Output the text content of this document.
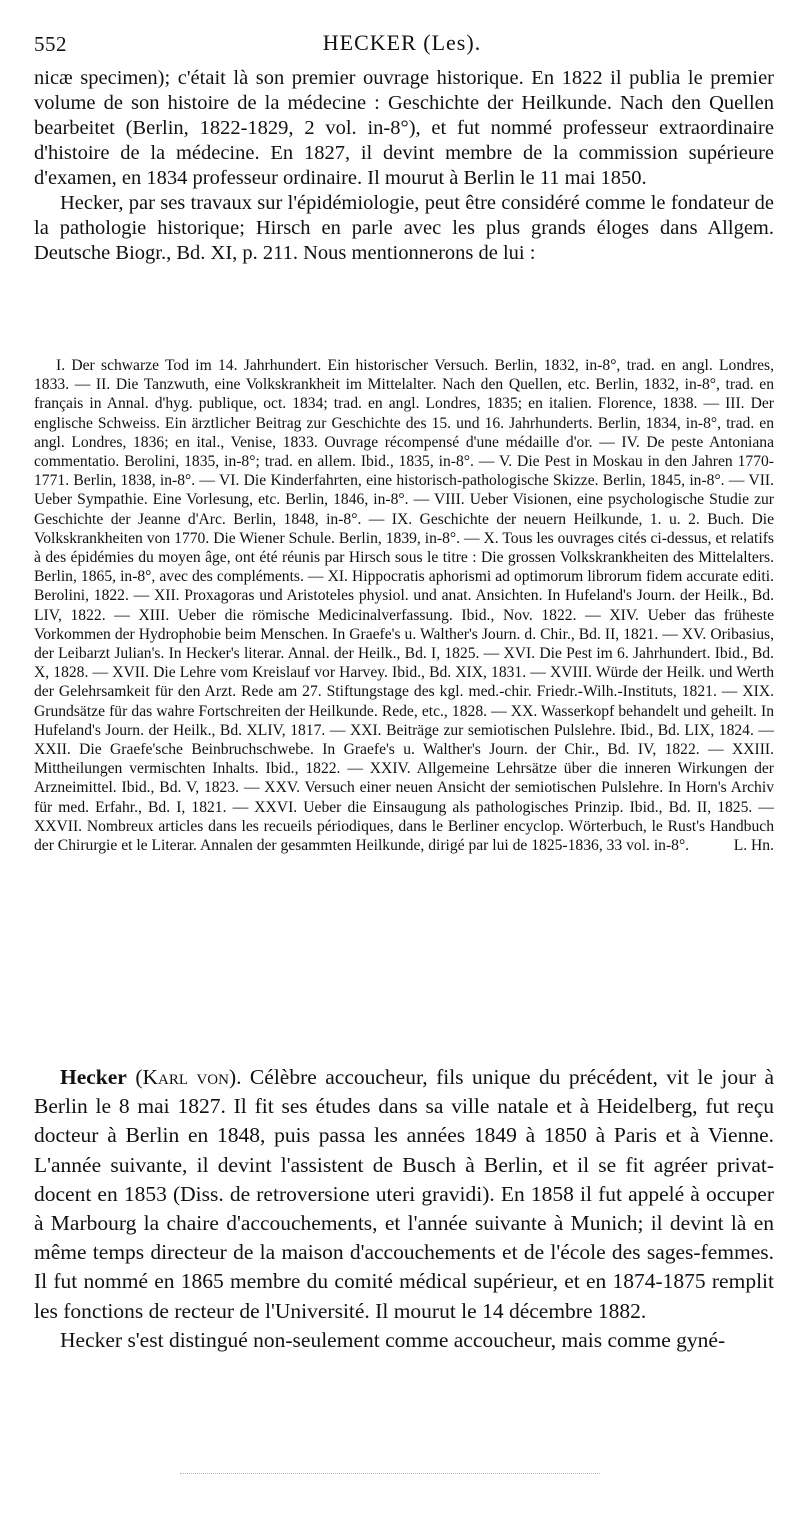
552	HECKER (Les).

nicæ specimen); c'était là son premier ouvrage historique. En 1822 il publia le premier volume de son histoire de la médecine : Geschichte der Heilkunde. Nach den Quellen bearbeitet (Berlin, 1822-1829, 2 vol. in-8°), et fut nommé professeur extraordinaire d'histoire de la médecine. En 1827, il devint membre de la commission supérieure d'examen, en 1834 professeur ordinaire. Il mourut à Berlin le 11 mai 1850.

Hecker, par ses travaux sur l'épidémiologie, peut être considéré comme le fondateur de la pathologie historique; Hirsch en parle avec les plus grands éloges dans Allgem. Deutsche Biogr., Bd. XI, p. 211. Nous mentionnerons de lui :

I. Der schwarze Tod im 14. Jahrhundert. Ein historischer Versuch. Berlin, 1832, in-8°, trad. en angl. Londres, 1833. — II. Die Tanzwuth, eine Volkskrankheit im Mittelalter. Nach den Quellen, etc. Berlin, 1832, in-8°, trad. en français in Annal. d'hyg. publique, oct. 1834; trad. en angl. Londres, 1835; en italien. Florence, 1838. — III. Der englische Schweiss. Ein ärztlicher Beitrag zur Geschichte des 15. und 16. Jahrhunderts. Berlin, 1834, in-8°, trad. en angl. Londres, 1836; en ital., Venise, 1833. Ouvrage récompensé d'une médaille d'or. — IV. De peste Antoniana commentatio. Berolini, 1835, in-8°; trad. en allem. Ibid., 1835, in-8°. — V. Die Pest in Moskau in den Jahren 1770-1771. Berlin, 1838, in-8°. — VI. Die Kinderfahrten, eine historisch-pathologische Skizze. Berlin, 1845, in-8°. — VII. Ueber Sympathie. Eine Vorlesung, etc. Berlin, 1846, in-8°. — VIII. Ueber Visionen, eine psychologische Studie zur Geschichte der Jeanne d'Arc. Berlin, 1848, in-8°. — IX. Geschichte der neuern Heilkunde, 1. u. 2. Buch. Die Volkskrankheiten von 1770. Die Wiener Schule. Berlin, 1839, in-8°. — X. Tous les ouvrages cités ci-dessus, et relatifs à des épidémies du moyen âge, ont été réunis par Hirsch sous le titre : Die grossen Volkskrankheiten des Mittelalters. Berlin, 1865, in-8°, avec des compléments. — XI. Hippocratis aphorismi ad optimorum librorum fidem accurate editi. Berolini, 1822. — XII. Proxagoras und Aristoteles physiol. und anat. Ansichten. In Hufeland's Journ. der Heilk., Bd. LIV, 1822. — XIII. Ueber die römische Medicinalverfassung. Ibid., Nov. 1822. — XIV. Ueber das früheste Vorkommen der Hydrophobie beim Menschen. In Graefe's u. Walther's Journ. d. Chir., Bd. II, 1821. — XV. Oribasius, der Leibarzt Julian's. In Hecker's literar. Annal. der Heilk., Bd. I, 1825. — XVI. Die Pest im 6. Jahrhundert. Ibid., Bd. X, 1828. — XVII. Die Lehre vom Kreislauf vor Harvey. Ibid., Bd. XIX, 1831. — XVIII. Würde der Heilk. und Werth der Gelehrsamkeit für den Arzt. Rede am 27. Stiftungstage des kgl. med.-chir. Friedr.-Wilh.-Instituts, 1821. — XIX. Grundsätze für das wahre Fortschreiten der Heilkunde. Rede, etc., 1828. — XX. Wasserkopf behandelt und geheilt. In Hufeland's Journ. der Heilk., Bd. XLIV, 1817. — XXI. Beiträge zur semiotischen Pulslehre. Ibid., Bd. LIX, 1824. — XXII. Die Graefe'sche Beinbruchschwebe. In Graefe's u. Walther's Journ. der Chir., Bd. IV, 1822. — XXIII. Mittheilungen vermischten Inhalts. Ibid., 1822. — XXIV. Allgemeine Lehrsätze über die inneren Wirkungen der Arzneimittel. Ibid., Bd. V, 1823. — XXV. Versuch einer neuen Ansicht der semiotischen Pulslehre. In Horn's Archiv für med. Erfahr., Bd. I, 1821. — XXVI. Ueber die Einsaugung als pathologisches Prinzip. Ibid., Bd. II, 1825. — XXVII. Nombreux articles dans les recueils périodiques, dans le Berliner encyclop. Wörterbuch, le Rust's Handbuch der Chirurgie et le Literar. Annalen der gesammten Heilkunde, dirigé par lui de 1825-1836, 33 vol. in-8°.	L. Hn.

Hecker (Karl von). Célèbre accoucheur, fils unique du précédent, vit le jour à Berlin le 8 mai 1827. Il fit ses études dans sa ville natale et à Heidelberg, fut reçu docteur à Berlin en 1848, puis passa les années 1849 à 1850 à Paris et à Vienne. L'année suivante, il devint l'assistent de Busch à Berlin, et il se fit agréer privat-docent en 1853 (Diss. de retroversione uteri gravidi). En 1858 il fut appelé à occuper à Marbourg la chaire d'accouchements, et l'année suivante à Munich; il devint là en même temps directeur de la maison d'accouchements et de l'école des sages-femmes. Il fut nommé en 1865 membre du comité médical supérieur, et en 1874-1875 remplit les fonctions de recteur de l'Université. Il mourut le 14 décembre 1882.

Hecker s'est distingué non-seulement comme accoucheur, mais comme gyné-
